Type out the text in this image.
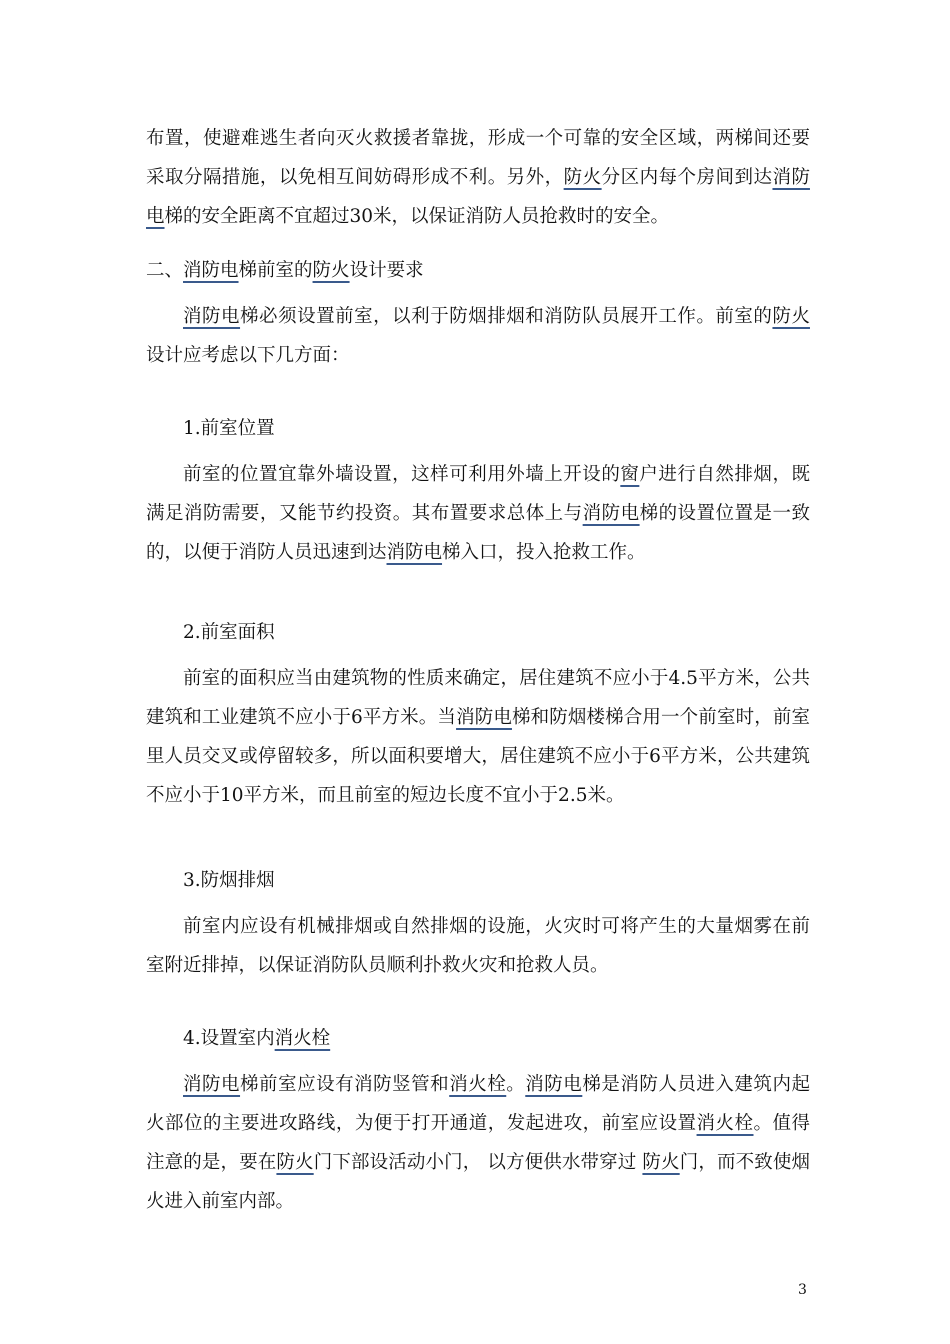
布置，使避难逃生者向灭火救援者靠拢，形成一个可靠的安全区域，两梯间还要采取分隔措施，以免相互间妨碍形成不利。另外，防火分区内每个房间到达消防电梯的安全距离不宜超过30米，以保证消防人员抢救时的安全。
二、消防电梯前室的防火设计要求
消防电梯必须设置前室，以利于防烟排烟和消防队员展开工作。前室的防火设计应考虑以下几方面：
1.前室位置
前室的位置宜靠外墙设置，这样可利用外墙上开设的窗户进行自然排烟，既满足消防需要，又能节约投资。其布置要求总体上与消防电梯的设置位置是一致的，以便于消防人员迅速到达消防电梯入口，投入抢救工作。
2.前室面积
前室的面积应当由建筑物的性质来确定，居住建筑不应小于4.5平方米，公共建筑和工业建筑不应小于6平方米。当消防电梯和防烟楼梯合用一个前室时，前室里人员交叉或停留较多，所以面积要增大，居住建筑不应小于6平方米，公共建筑不应小于10平方米，而且前室的短边长度不宜小于2.5米。
3.防烟排烟
前室内应设有机械排烟或自然排烟的设施，火灾时可将产生的大量烟雾在前室附近排掉，以保证消防队员顺利扑救火灾和抢救人员。
4.设置室内消火栓
消防电梯前室应设有消防竖管和消火栓。消防电梯是消防人员进入建筑内起火部位的主要进攻路线，为便于打开通道，发起进攻，前室应设置消火栓。值得注意的是，要在防火门下部设活动小门， 以方便供水带穿过 防火门，而不致使烟火进入前室内部。
3
